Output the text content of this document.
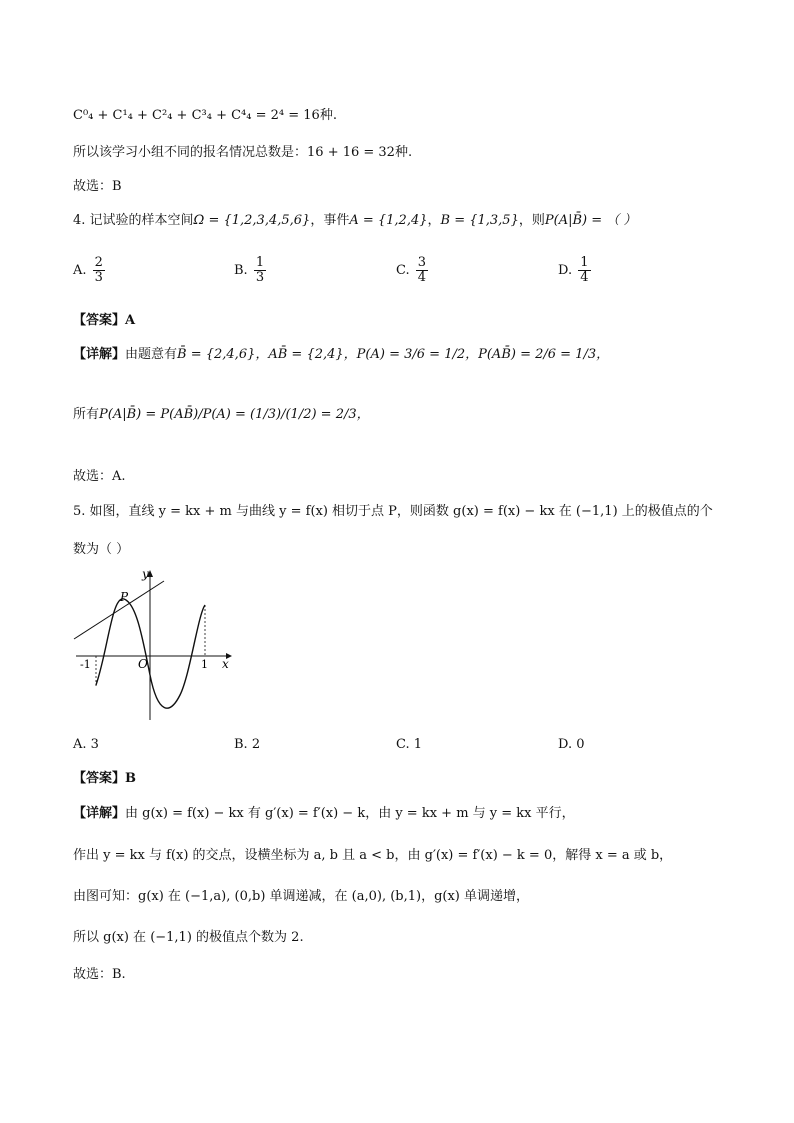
C⁰₄ + C¹₄ + C²₄ + C³₄ + C⁴₄ = 2⁴ = 16种.
所以该学习小组不同的报名情况总数是：16 + 16 = 32种.
故选：B
4. 记试验的样本空间Ω = {1,2,3,4,5,6}，事件A = {1,2,4}，B = {1,3,5}，则P(A|B̄) = （ ）
A. $\frac{2}{3}$	B. $\frac{1}{3}$	C. $\frac{3}{4}$	D. $\frac{1}{4}$
【答案】A
【详解】由题意有B̄ = {2,4,6}，AB̄ = {2,4}，P(A) = 3/6 = 1/2，P(AB̄) = 2/6 = 1/3，
所有P(A|B̄) = P(AB̄)/P(A) = (1/3)/(1/2) = 2/3，
故选：A.
5. 如图，直线 y = kx + m 与曲线 y = f(x) 相切于点 P，则函数 g(x) = f(x) − kx 在 (−1,1) 上的极值点的个
数为（ ）
y
x
P
O
-1	1
A. 3	B. 2	C. 1	D. 0
【答案】B
【详解】由 g(x) = f(x) − kx 有 g′(x) = f′(x) − k，由 y = kx + m 与 y = kx 平行，
作出 y = kx 与 f(x) 的交点，设横坐标为 a, b 且 a < b，由 g′(x) = f′(x) − k = 0，解得 x = a 或 b，
由图可知：g(x) 在 (−1,a), (0,b) 单调递减，在 (a,0), (b,1)，g(x) 单调递增，
所以 g(x) 在 (−1,1) 的极值点个数为 2.
故选：B.
